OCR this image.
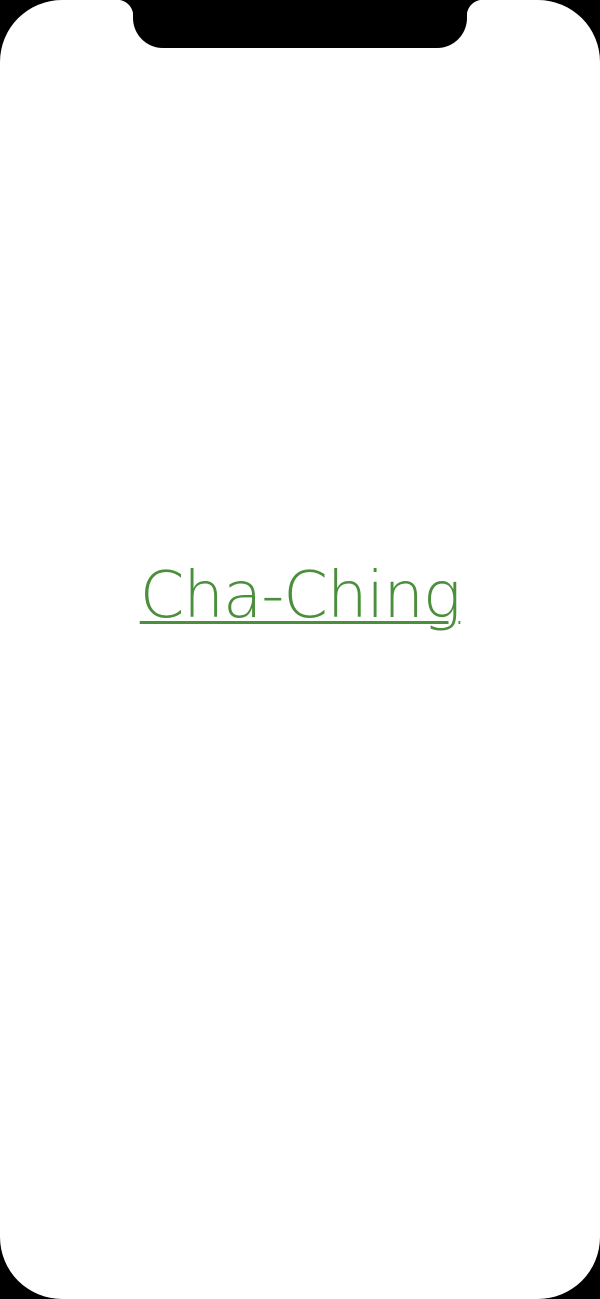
Cha-Ching
